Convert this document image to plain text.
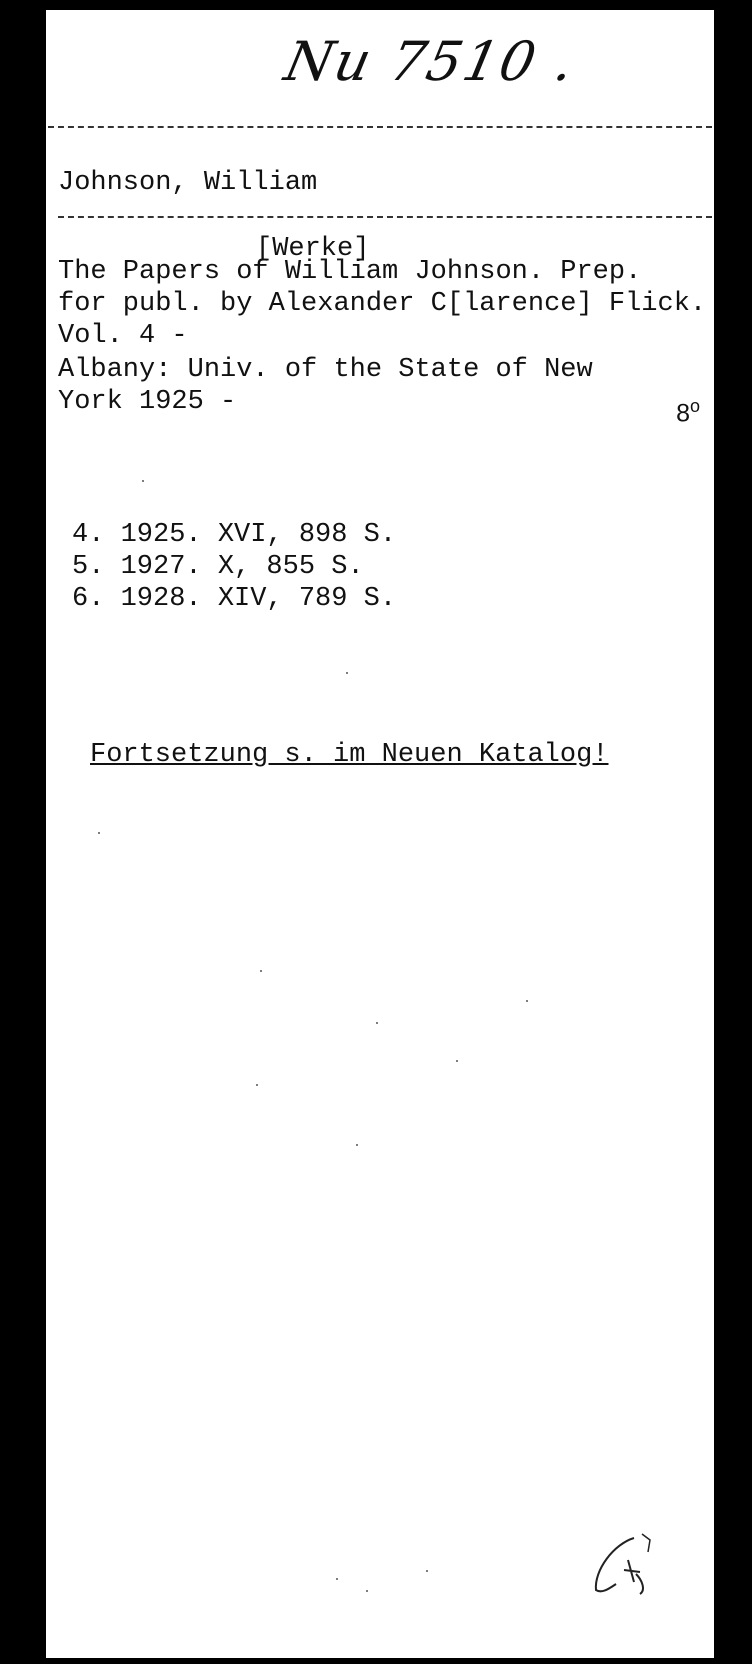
Nu 7510 .
Johnson, William
[Werke]
The Papers of William Johnson. Prep.
for publ. by Alexander C[larence] Flick.
Vol. 4 -
Albany: Univ. of the State of New
York 1925 -	8$^o$
4. 1925. XVI, 898 S.
5. 1927. X, 855 S.
6. 1928. XIV, 789 S.
Fortsetzung s. im Neuen Katalog!
